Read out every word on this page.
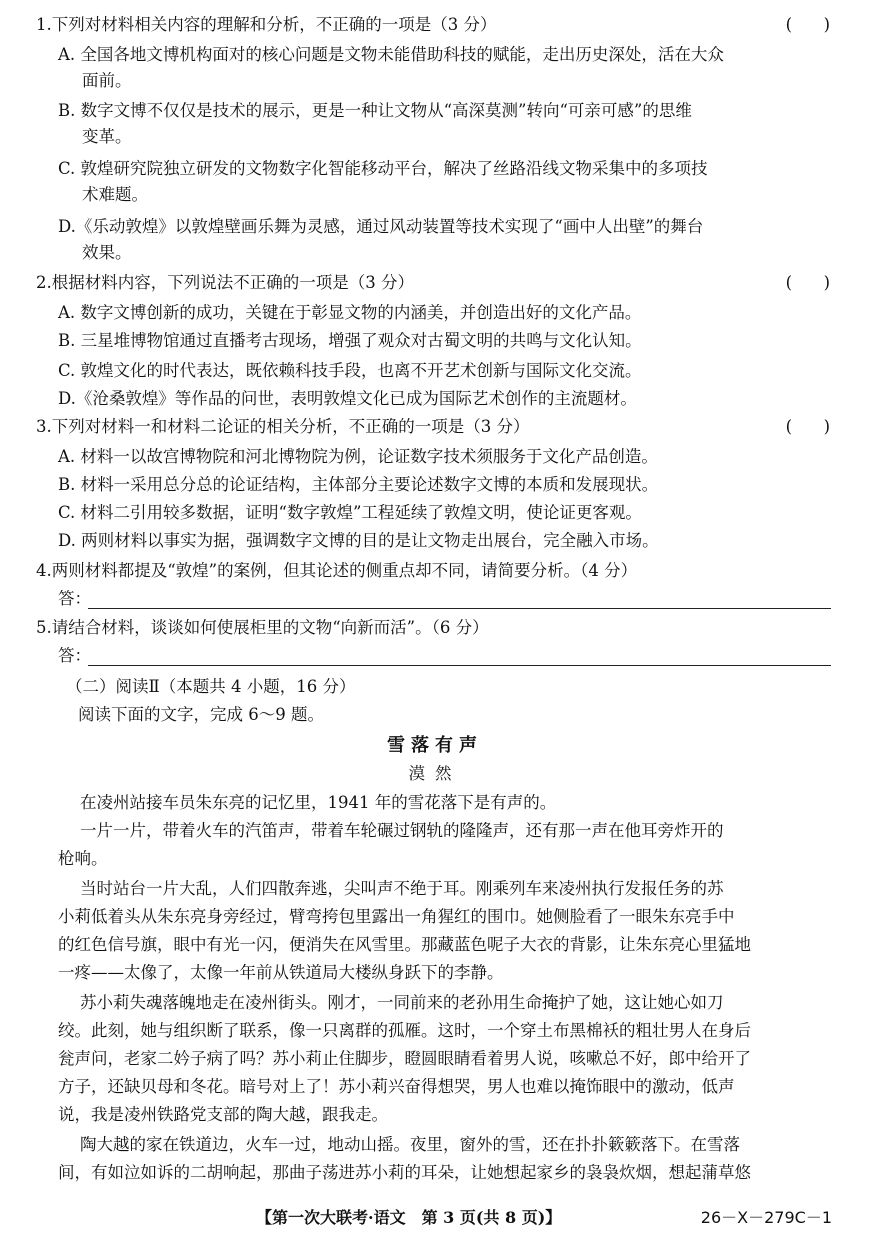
1.下列对材料相关内容的理解和分析，不正确的一项是（3 分）	(      )
A. 全国各地文博机构面对的核心问题是文物未能借助科技的赋能，走出历史深处，活在大众
面前。
B. 数字文博不仅仅是技术的展示，更是一种让文物从“高深莫测”转向“可亲可感”的思维
变革。
C. 敦煌研究院独立研发的文物数字化智能移动平台，解决了丝路沿线文物采集中的多项技
术难题。
D.《乐动敦煌》以敦煌壁画乐舞为灵感，通过风动装置等技术实现了“画中人出壁”的舞台
效果。
2.根据材料内容，下列说法不正确的一项是（3 分）	(      )
A. 数字文博创新的成功，关键在于彰显文物的内涵美，并创造出好的文化产品。
B. 三星堆博物馆通过直播考古现场，增强了观众对古蜀文明的共鸣与文化认知。
C. 敦煌文化的时代表达，既依赖科技手段，也离不开艺术创新与国际文化交流。
D.《沧桑敦煌》等作品的问世，表明敦煌文化已成为国际艺术创作的主流题材。
3.下列对材料一和材料二论证的相关分析，不正确的一项是（3 分）	(      )
A. 材料一以故宫博物院和河北博物院为例，论证数字技术须服务于文化产品创造。
B. 材料一采用总分总的论证结构，主体部分主要论述数字文博的本质和发展现状。
C. 材料二引用较多数据，证明“数字敦煌”工程延续了敦煌文明，使论证更客观。
D. 两则材料以事实为据，强调数字文博的目的是让文物走出展台，完全融入市场。
4.两则材料都提及“敦煌”的案例，但其论述的侧重点却不同，请简要分析。（4 分）
答：
5.请结合材料，谈谈如何使展柜里的文物“向新而活”。（6 分）
答：
（二）阅读Ⅱ（本题共 4 小题，16 分）
阅读下面的文字，完成 6～9 题。
雪落有声
漠然
在凌州站接车员朱东亮的记忆里，1941 年的雪花落下是有声的。
一片一片，带着火车的汽笛声，带着车轮碾过钢轨的隆隆声，还有那一声在他耳旁炸开的
枪响。
当时站台一片大乱，人们四散奔逃，尖叫声不绝于耳。刚乘列车来凌州执行发报任务的苏
小莉低着头从朱东亮身旁经过，臂弯挎包里露出一角猩红的围巾。她侧脸看了一眼朱东亮手中
的红色信号旗，眼中有光一闪，便消失在风雪里。那藏蓝色呢子大衣的背影，让朱东亮心里猛地
一疼——太像了，太像一年前从铁道局大楼纵身跃下的李静。
苏小莉失魂落魄地走在凌州街头。刚才，一同前来的老孙用生命掩护了她，这让她心如刀
绞。此刻，她与组织断了联系，像一只离群的孤雁。这时，一个穿土布黑棉袄的粗壮男人在身后
瓮声问，老家二妗子病了吗？苏小莉止住脚步，瞪圆眼睛看着男人说，咳嗽总不好，郎中给开了
方子，还缺贝母和冬花。暗号对上了！苏小莉兴奋得想哭，男人也难以掩饰眼中的激动，低声
说，我是凌州铁路党支部的陶大越，跟我走。
陶大越的家在铁道边，火车一过，地动山摇。夜里，窗外的雪，还在扑扑簌簌落下。在雪落
间，有如泣如诉的二胡响起，那曲子荡进苏小莉的耳朵，让她想起家乡的袅袅炊烟，想起蒲草悠
【第一次大联考·语文　第 3 页(共 8 页)】	26－X－279C－1
